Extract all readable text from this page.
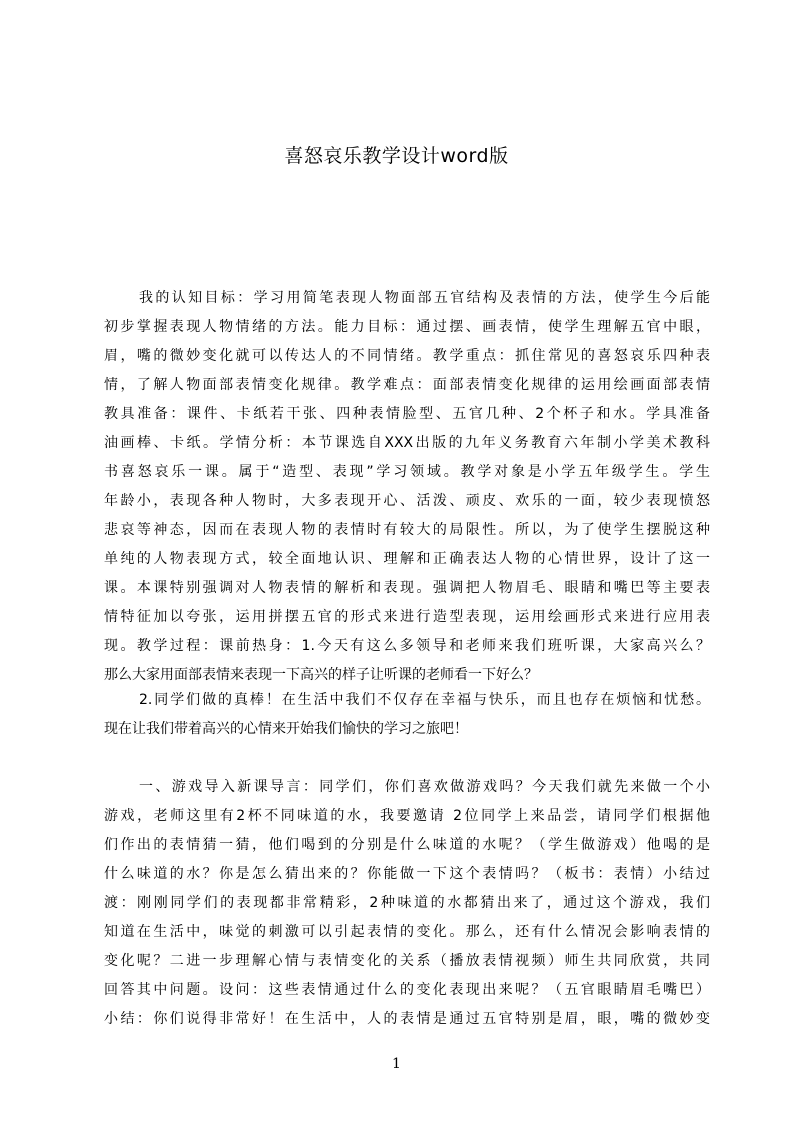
喜怒哀乐教学设计word版
我的认知目标：学习用简笔表现人物面部五官结构及表情的方法，使学生今后能
初步掌握表现人物情绪的方法。能力目标：通过摆、画表情，使学生理解五官中眼，
眉，嘴的微妙变化就可以传达人的不同情绪。教学重点：抓住常见的喜怒哀乐四种表
情，了解人物面部表情变化规律。教学难点：面部表情变化规律的运用绘画面部表情
教具准备：课件、卡纸若干张、四种表情脸型、五官几种、2个杯子和水。学具准备
油画棒、卡纸。学情分析：本节课选自XXX出版的九年义务教育六年制小学美术教科
书喜怒哀乐一课。属于“造型、表现”学习领域。教学对象是小学五年级学生。学生
年龄小，表现各种人物时，大多表现开心、活泼、顽皮、欢乐的一面，较少表现愤怒
悲哀等神态，因而在表现人物的表情时有较大的局限性。所以，为了使学生摆脱这种
单纯的人物表现方式，较全面地认识、理解和正确表达人物的心情世界，设计了这一
课。本课特别强调对人物表情的解析和表现。强调把人物眉毛、眼睛和嘴巴等主要表
情特征加以夸张，运用拼摆五官的形式来进行造型表现，运用绘画形式来进行应用表
现。教学过程：课前热身：1.今天有这么多领导和老师来我们班听课，大家高兴么？
那么大家用面部表情来表现一下高兴的样子让听课的老师看一下好么？
2.同学们做的真棒！在生活中我们不仅存在幸福与快乐，而且也存在烦恼和忧愁。
现在让我们带着高兴的心情来开始我们愉快的学习之旅吧！
一、游戏导入新课导言：同学们，你们喜欢做游戏吗？今天我们就先来做一个小
游戏，老师这里有2杯不同味道的水，我要邀请 2位同学上来品尝，请同学们根据他
们作出的表情猜一猜，他们喝到的分别是什么味道的水呢？（学生做游戏）他喝的是
什么味道的水？你是怎么猜出来的？你能做一下这个表情吗？（板书：表情）小结过
渡：刚刚同学们的表现都非常精彩，2种味道的水都猜出来了，通过这个游戏，我们
知道在生活中，味觉的刺激可以引起表情的变化。那么，还有什么情况会影响表情的
变化呢？二进一步理解心情与表情变化的关系（播放表情视频）师生共同欣赏，共同
回答其中问题。设问：这些表情通过什么的变化表现出来呢？（五官眼睛眉毛嘴巴）
小结：你们说得非常好！在生活中，人的表情是通过五官特别是眉，眼，嘴的微妙变
1
